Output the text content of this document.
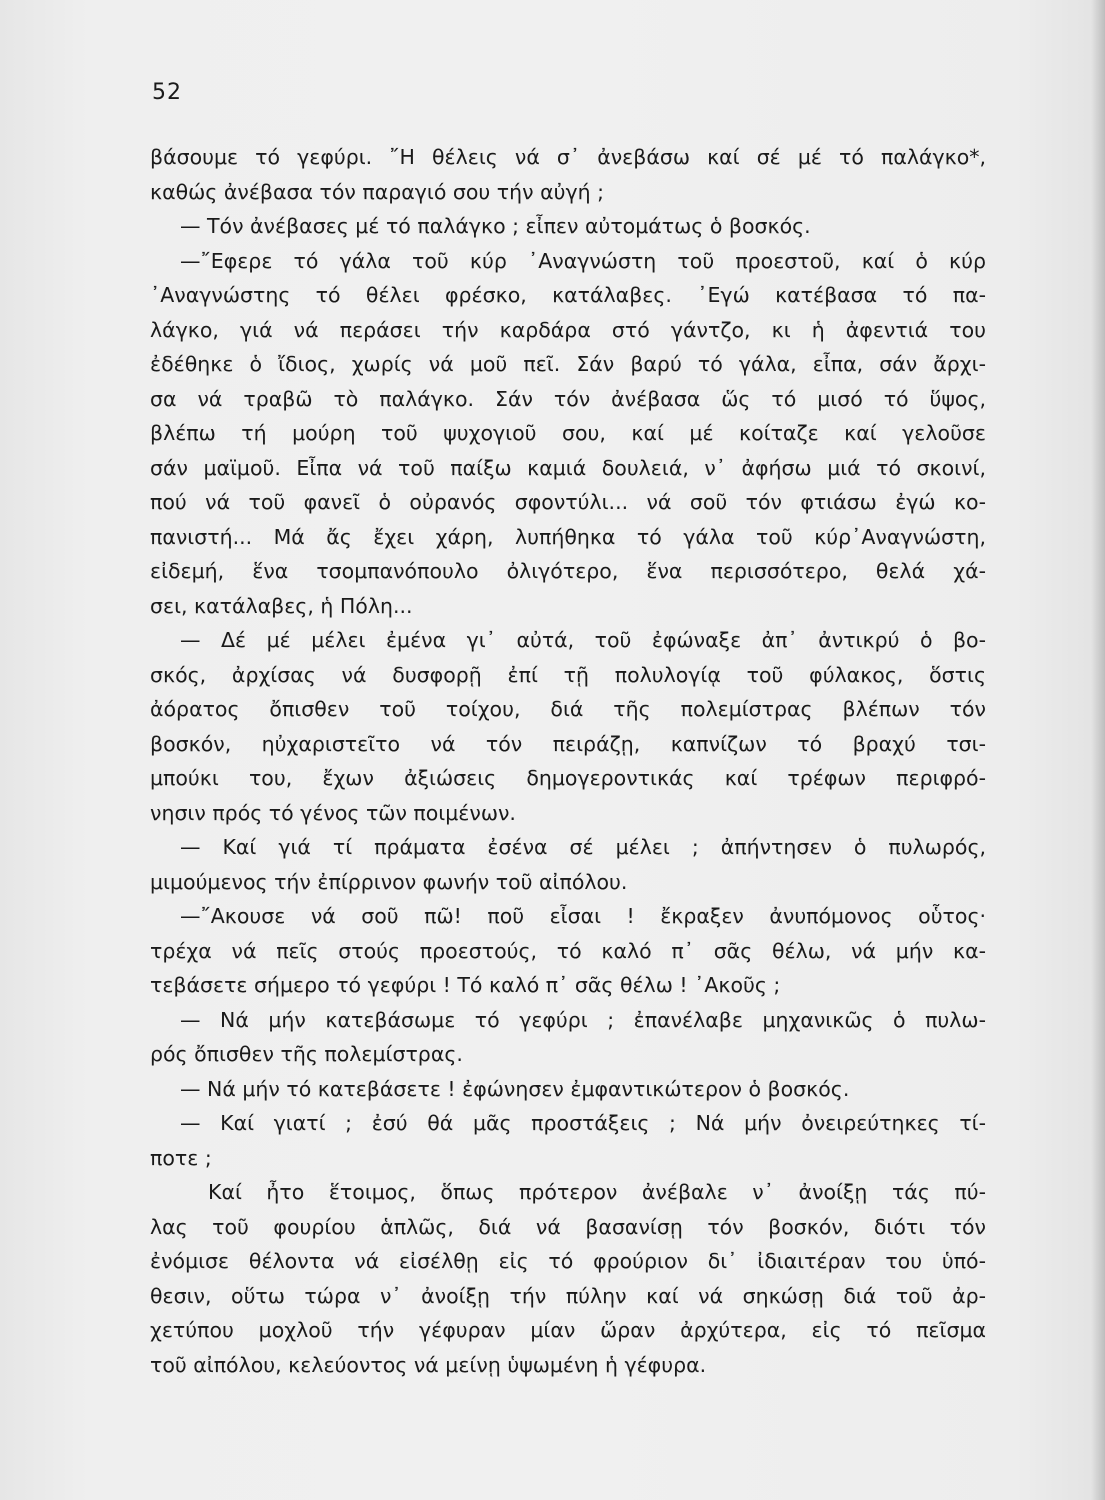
52
βάσουμε τό γεφύρι. ῎Η θέλεις νά σ᾽ ἀνεβάσω καί σέ μέ τό παλάγκο*,
καθώς ἀνέβασα τόν παραγιό σου τήν αὐγή ;
— Τόν ἀνέβασες μέ τό παλάγκο ; εἶπεν αὐτομάτως ὁ βοσκός.
—῎Εφερε τό γάλα τοῦ κύρ ᾽Αναγνώστη τοῦ προεστοῦ, καί ὁ κύρ
᾽Αναγνώστης τό θέλει φρέσκο, κατάλαβες. ᾽Εγώ κατέβασα τό πα-
λάγκο, γιά νά περάσει τήν καρδάρα στό γάντζο, κι ἡ ἀφεντιά του
ἐδέθηκε ὁ ἴδιος, χωρίς νά μοῦ πεῖ. Σάν βαρύ τό γάλα, εἶπα, σάν ἄρχι-
σα νά τραβῶ τὸ παλάγκο. Σάν τόν ἀνέβασα ὥς τό μισό τό ὕψος,
βλέπω τή μούρη τοῦ ψυχογιοῦ σου, καί μέ κοίταζε καί γελοῦσε
σάν μαϊμοῦ. Εἶπα νά τοῦ παίξω καμιά δουλειά, ν᾽ ἀφήσω μιά τό σκοινί,
πού νά τοῦ φανεῖ ὁ οὐρανός σφοντύλι... νά σοῦ τόν φτιάσω ἐγώ κο-
πανιστή... Μά ἄς ἔχει χάρη, λυπήθηκα τό γάλα τοῦ κύρ᾽Αναγνώστη,
εἰδεμή, ἕνα τσομπανόπουλο ὀλιγότερο, ἕνα περισσότερο, θελά χά-
σει, κατάλαβες, ἡ Πόλη...
— Δέ μέ μέλει ἐμένα γι᾽ αὐτά, τοῦ ἐφώναξε ἀπ᾽ ἀντικρύ ὁ βο-
σκός, ἀρχίσας νά δυσφορῇ ἐπί τῇ πολυλογίᾳ τοῦ φύλακος, ὅστις
ἀόρατος ὄπισθεν τοῦ τοίχου, διά τῆς πολεμίστρας βλέπων τόν
βοσκόν, ηὐχαριστεῖτο νά τόν πειράζῃ, καπνίζων τό βραχύ τσι-
μπούκι του, ἔχων ἀξιώσεις δημογεροντικάς καί τρέφων περιφρό-
νησιν πρός τό γένος τῶν ποιμένων.
— Καί γιά τί πράματα ἐσένα σέ μέλει ; ἀπήντησεν ὁ πυλωρός,
μιμούμενος τήν ἐπίρρινον φωνήν τοῦ αἰπόλου.
—῎Ακουσε νά σοῦ πῶ! ποῦ εἶσαι ! ἔκραξεν ἀνυπόμονος οὗτος·
τρέχα νά πεῖς στούς προεστούς, τό καλό π᾽ σᾶς θέλω, νά μήν κα-
τεβάσετε σήμερο τό γεφύρι ! Τό καλό π᾽ σᾶς θέλω ! ᾽Ακοῦς ;
— Νά μήν κατεβάσωμε τό γεφύρι ; ἐπανέλαβε μηχανικῶς ὁ πυλω-
ρός ὄπισθεν τῆς πολεμίστρας.
— Νά μήν τό κατεβάσετε ! ἐφώνησεν ἐμφαντικώτερον ὁ βοσκός.
— Καί γιατί ; ἐσύ θά μᾶς προστάξεις ; Νά μήν ὀνειρεύτηκες τί-
ποτε ;
Καί ἦτο ἕτοιμος, ὅπως πρότερον ἀνέβαλε ν᾽ ἀνοίξῃ τάς πύ-
λας τοῦ φουρίου ἁπλῶς, διά νά βασανίσῃ τόν βοσκόν, διότι τόν
ἐνόμισε θέλοντα νά εἰσέλθῃ εἰς τό φρούριον δι᾽ ἰδιαιτέραν του ὑπό-
θεσιν, οὕτω τώρα ν᾽ ἀνοίξῃ τήν πύλην καί νά σηκώσῃ διά τοῦ ἀρ-
χετύπου μοχλοῦ τήν γέφυραν μίαν ὥραν ἀρχύτερα, εἰς τό πεῖσμα
τοῦ αἰπόλου, κελεύοντος νά μείνῃ ὑψωμένη ἡ γέφυρα.
